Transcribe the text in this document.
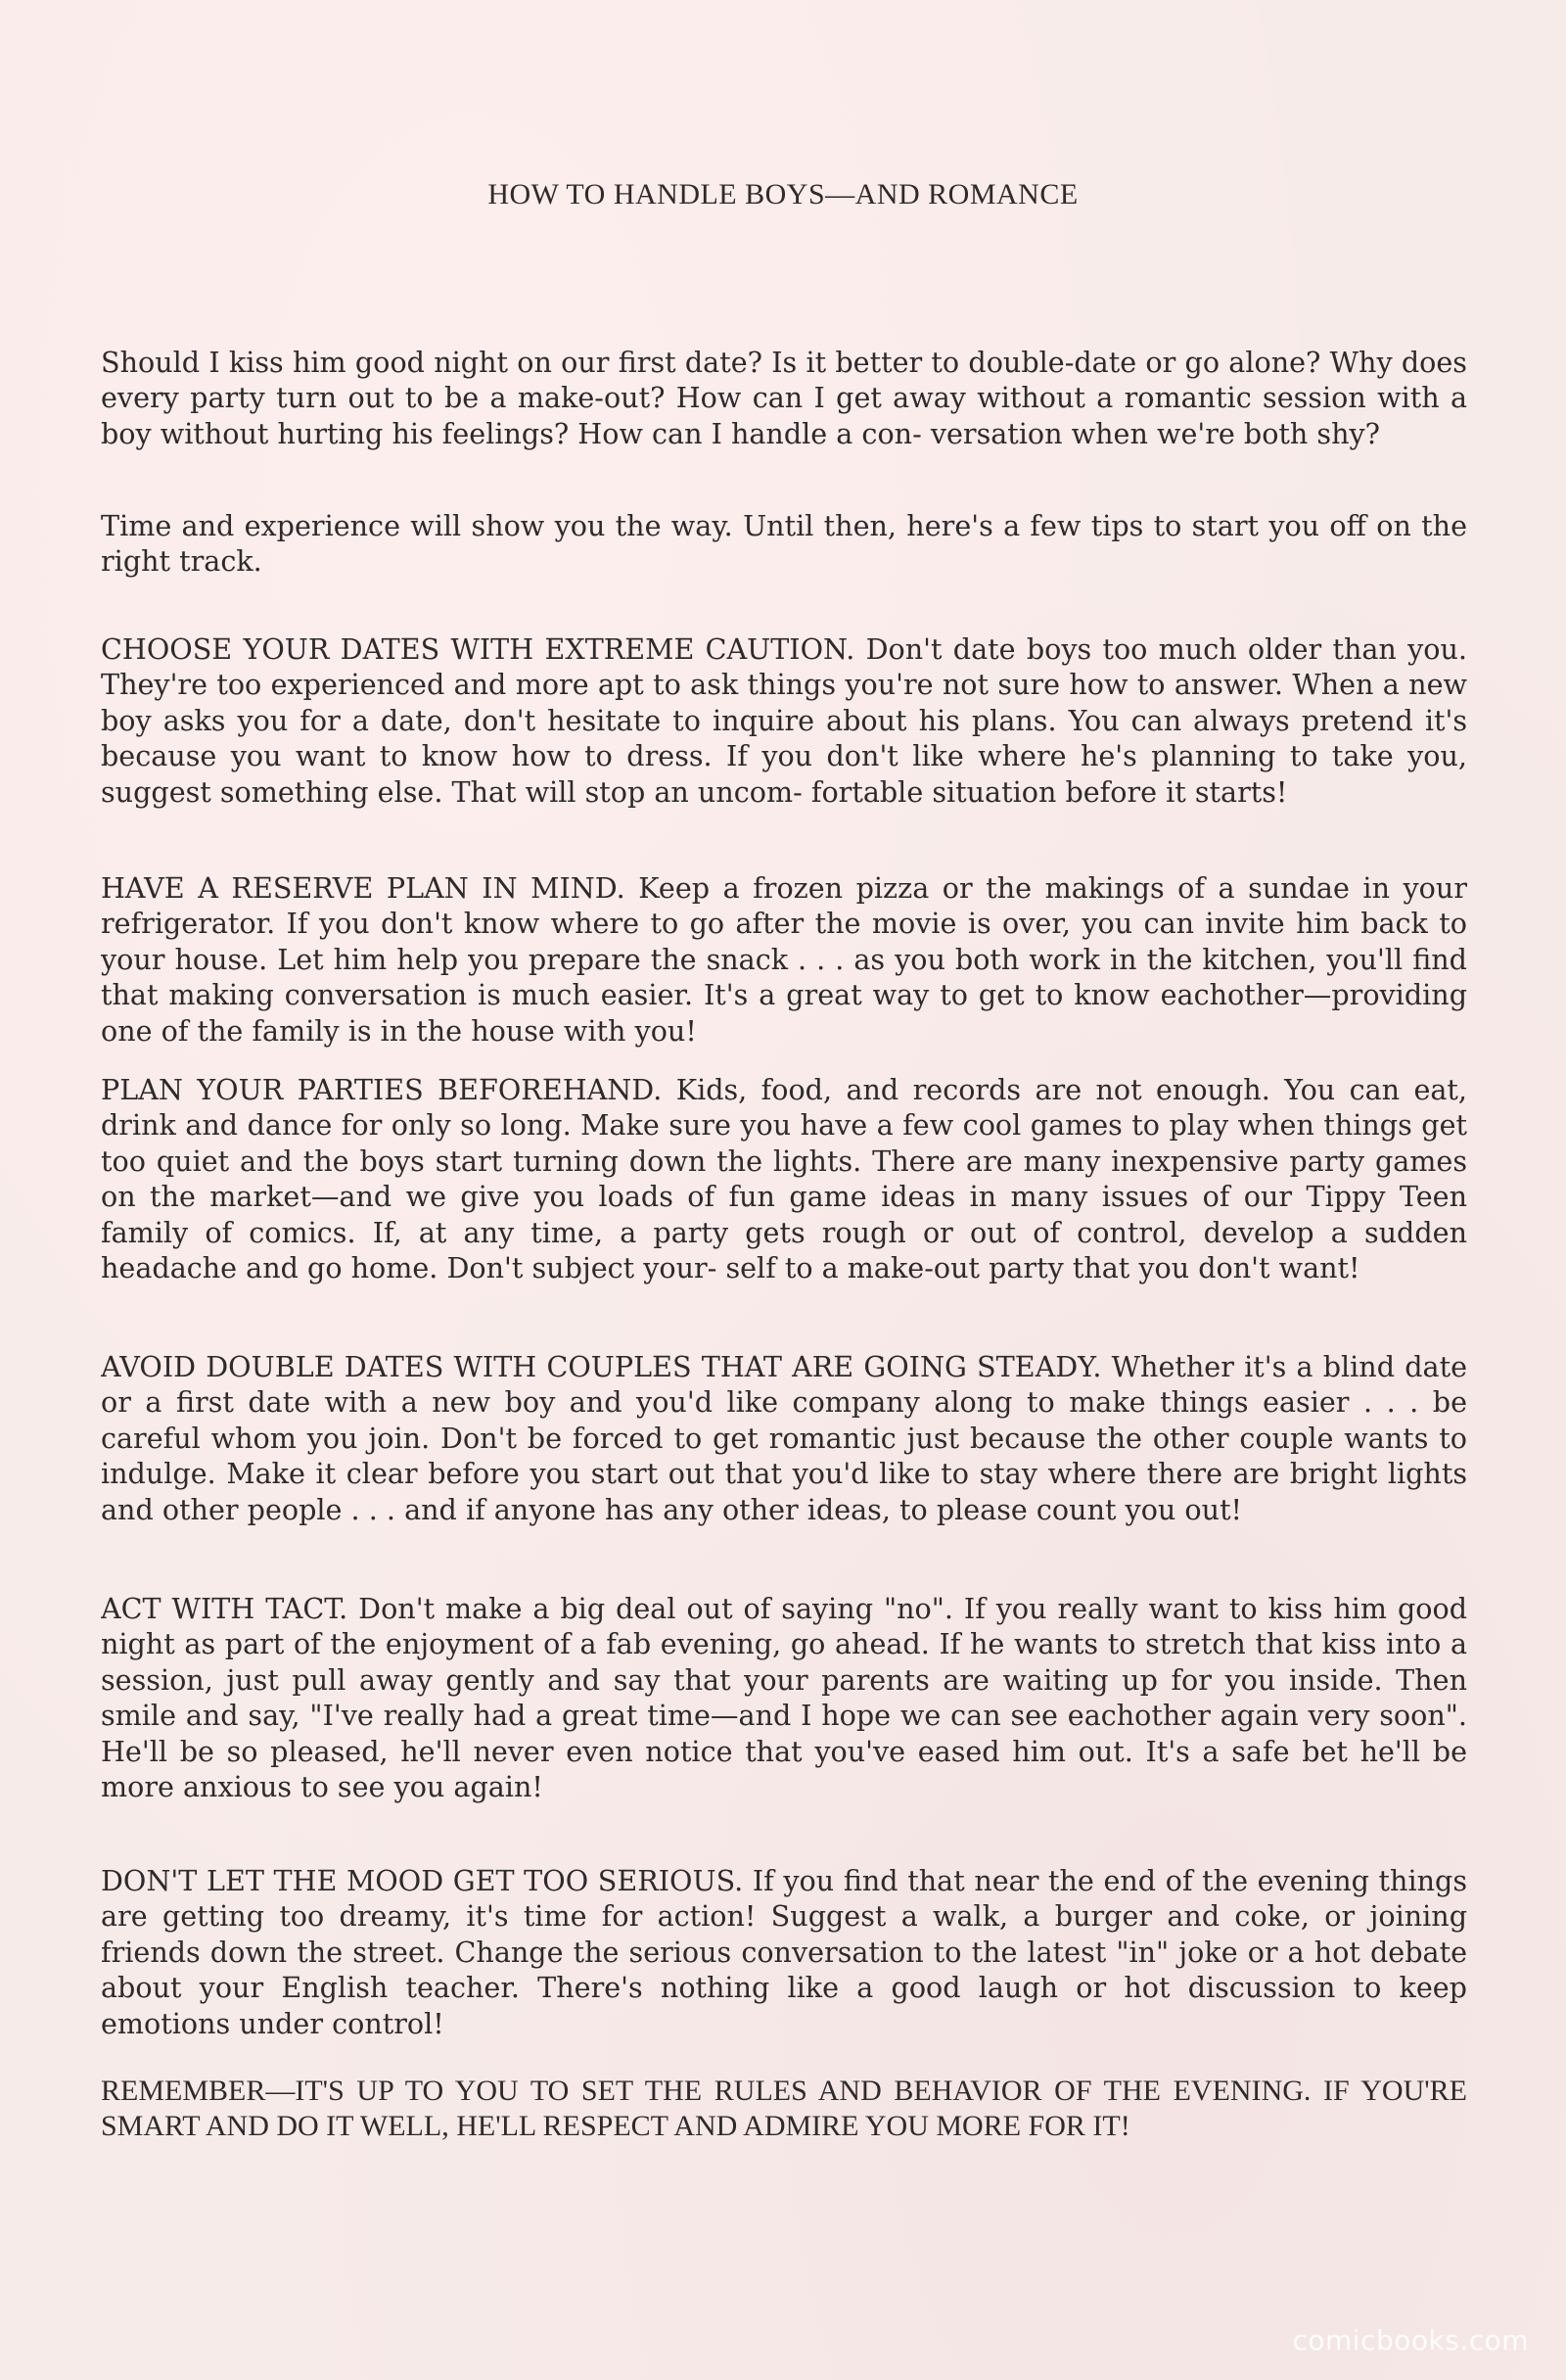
HOW TO HANDLE BOYS—AND ROMANCE

Should I kiss him good night on our first date? Is it better to double-date or go alone? Why does every party turn out to be a make-out? How can I get away without a romantic session with a boy without hurting his feelings? How can I handle a con- versation when we're both shy?

Time and experience will show you the way. Until then, here's a few tips to start you off on the right track.

CHOOSE YOUR DATES WITH EXTREME CAUTION. Don't date boys too much older than you. They're too experienced and more apt to ask things you're not sure how to answer. When a new boy asks you for a date, don't hesitate to inquire about his plans. You can always pretend it's because you want to know how to dress. If you don't like where he's planning to take you, suggest something else. That will stop an uncom- fortable situation before it starts!

HAVE A RESERVE PLAN IN MIND. Keep a frozen pizza or the makings of a sundae in your refrigerator. If you don't know where to go after the movie is over, you can invite him back to your house. Let him help you prepare the snack . . . as you both work in the kitchen, you'll find that making conversation is much easier. It's a great way to get to know eachother—providing one of the family is in the house with you!

PLAN YOUR PARTIES BEFOREHAND. Kids, food, and records are not enough. You can eat, drink and dance for only so long. Make sure you have a few cool games to play when things get too quiet and the boys start turning down the lights. There are many inexpensive party games on the market—and we give you loads of fun game ideas in many issues of our Tippy Teen family of comics. If, at any time, a party gets rough or out of control, develop a sudden headache and go home. Don't subject your- self to a make-out party that you don't want!

AVOID DOUBLE DATES WITH COUPLES THAT ARE GOING STEADY. Whether it's a blind date or a first date with a new boy and you'd like company along to make things easier . . . be careful whom you join. Don't be forced to get romantic just because the other couple wants to indulge. Make it clear before you start out that you'd like to stay where there are bright lights and other people . . . and if anyone has any other ideas, to please count you out!

ACT WITH TACT. Don't make a big deal out of saying "no". If you really want to kiss him good night as part of the enjoyment of a fab evening, go ahead. If he wants to stretch that kiss into a session, just pull away gently and say that your parents are waiting up for you inside. Then smile and say, "I've really had a great time—and I hope we can see eachother again very soon". He'll be so pleased, he'll never even notice that you've eased him out. It's a safe bet he'll be more anxious to see you again!

DON'T LET THE MOOD GET TOO SERIOUS. If you find that near the end of the evening things are getting too dreamy, it's time for action! Suggest a walk, a burger and coke, or joining friends down the street. Change the serious conversation to the latest "in" joke or a hot debate about your English teacher. There's nothing like a good laugh or hot discussion to keep emotions under control!

REMEMBER—IT'S UP TO YOU TO SET THE RULES AND BEHAVIOR OF THE EVENING. IF YOU'RE SMART AND DO IT WELL, HE'LL RESPECT AND ADMIRE YOU MORE FOR IT!

comicbooks.com
